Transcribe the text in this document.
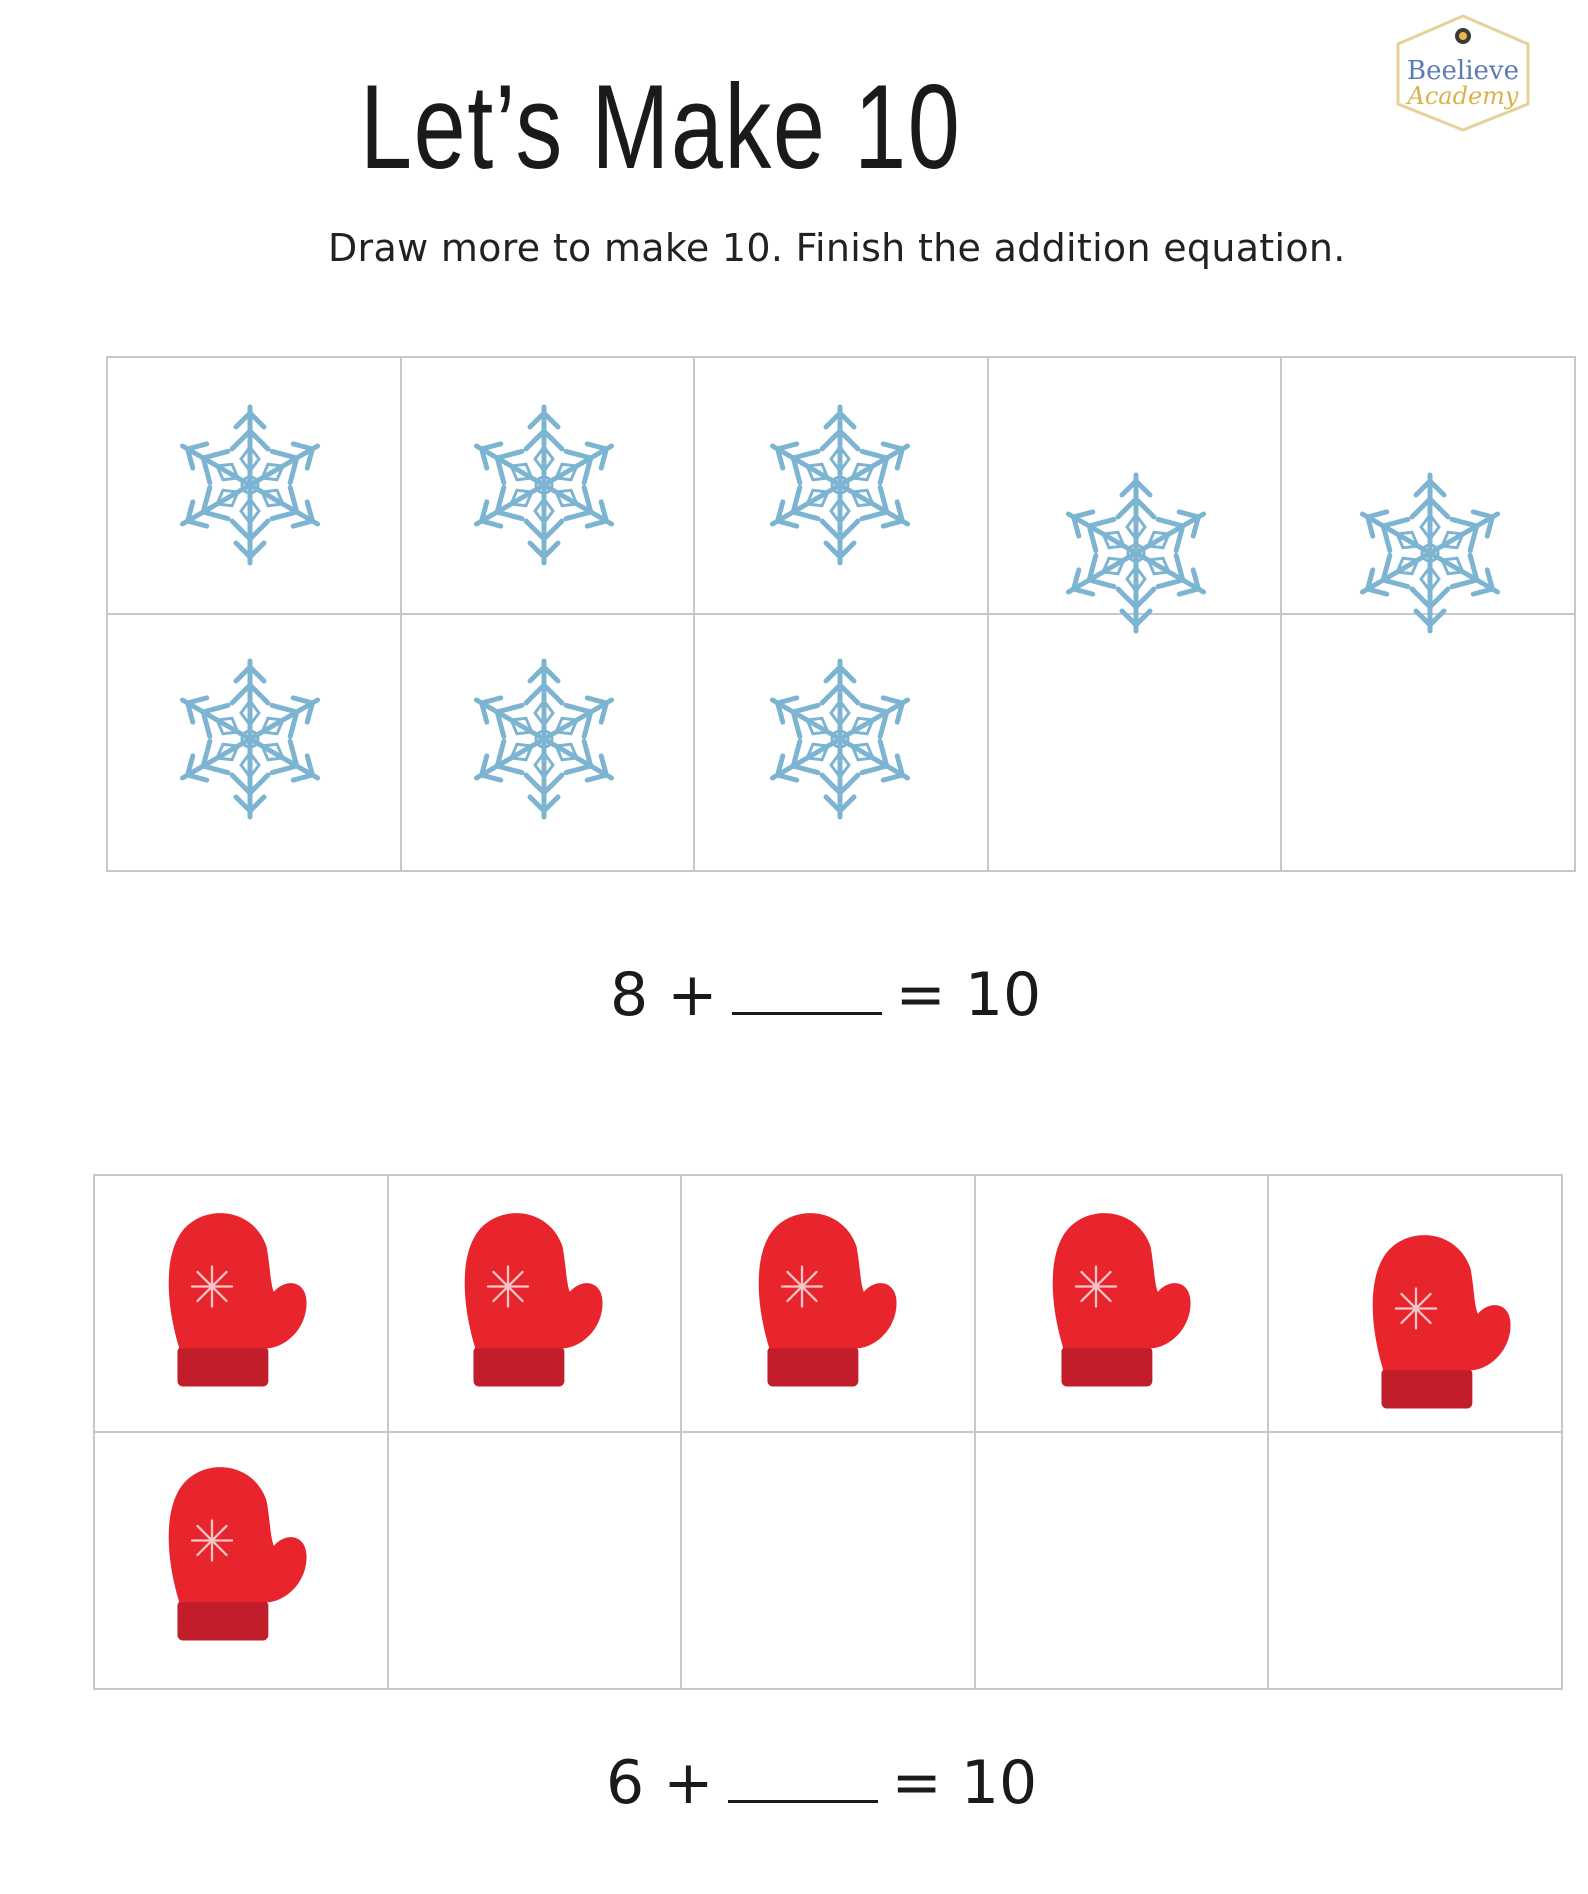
Let’s Make 10	Beelieve
Academy
Draw more to make 10. Finish the addition equation.

8 +	= 10

6 +	= 10
